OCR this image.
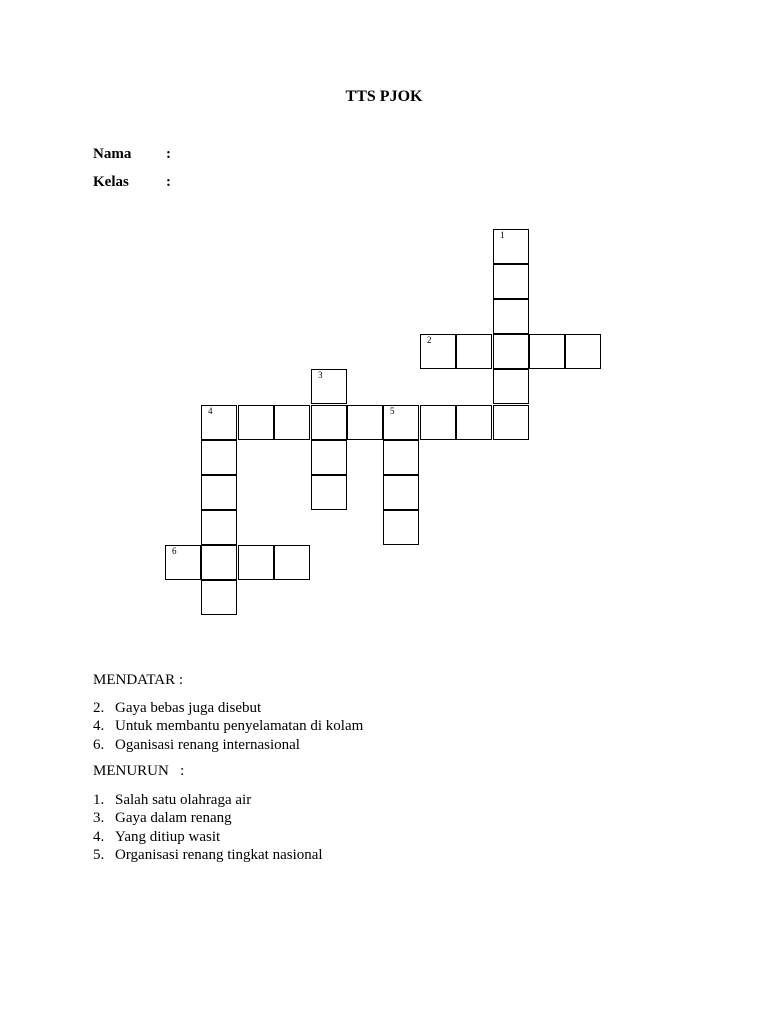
TTS PJOK
Nama :
Kelas :
1
2
3
4	5
6
MENDATAR :
2. Gaya bebas juga disebut
4. Untuk membantu penyelamatan di kolam
6. Oganisasi renang internasional
MENURUN   :
1. Salah satu olahraga air
3. Gaya dalam renang
4. Yang ditiup wasit
5. Organisasi renang tingkat nasional
